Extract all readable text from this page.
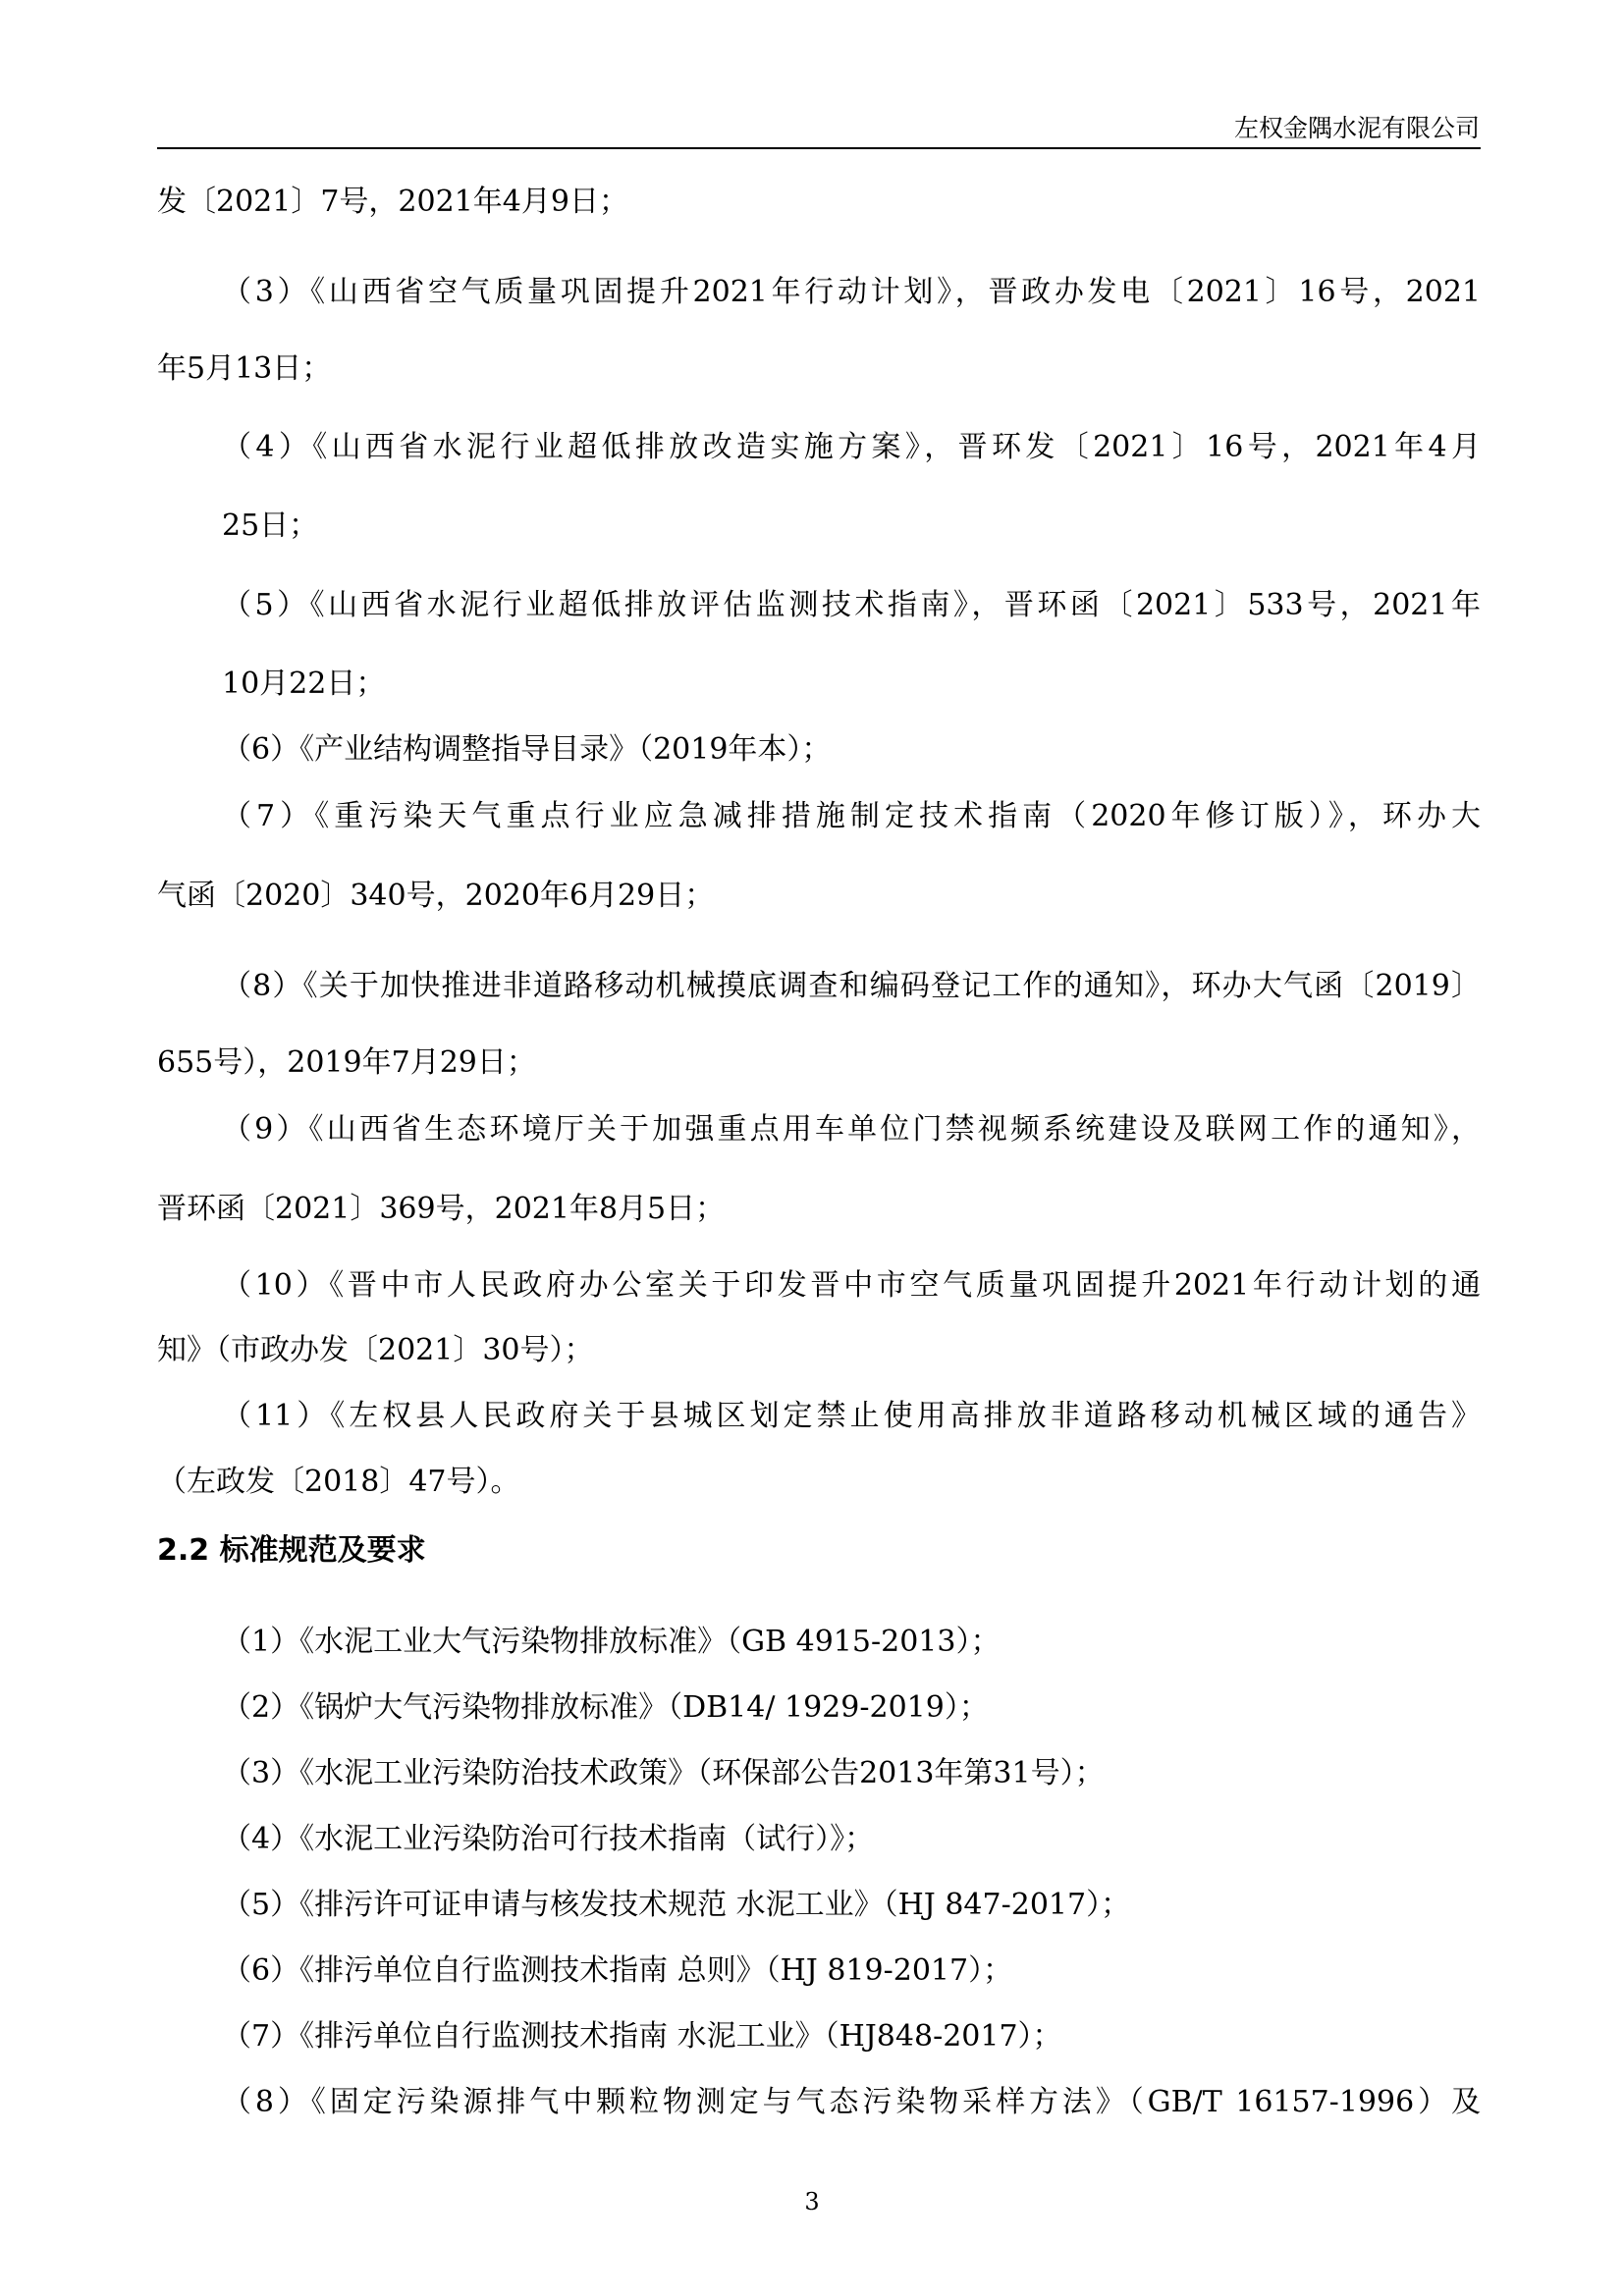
左权金隅水泥有限公司
发〔2021〕7号，2021年4月9日；
（3）《山西省空气质量巩固提升2021年行动计划》，晋政办发电〔2021〕16号，2021
年5月13日；
（4）《山西省水泥行业超低排放改造实施方案》，晋环发〔2021〕16号，2021年4月
25日；
（5）《山西省水泥行业超低排放评估监测技术指南》，晋环函〔2021〕533号，2021年
10月22日；
（6）《产业结构调整指导目录》（2019年本）；
（7）《重污染天气重点行业应急减排措施制定技术指南（2020年修订版）》，环办大
气函〔2020〕340号，2020年6月29日；
（8）《关于加快推进非道路移动机械摸底调查和编码登记工作的通知》，环办大气函〔2019〕
655号），2019年7月29日；
（9）《山西省生态环境厅关于加强重点用车单位门禁视频系统建设及联网工作的通知》，
晋环函〔2021〕369号，2021年8月5日；
（10）《晋中市人民政府办公室关于印发晋中市空气质量巩固提升2021年行动计划的通
知》（市政办发〔2021〕30号）；
（11）《左权县人民政府关于县城区划定禁止使用高排放非道路移动机械区域的通告》
（左政发〔2018〕47号）。
2.2 标准规范及要求
（1）《水泥工业大气污染物排放标准》（GB 4915-2013）；
（2）《锅炉大气污染物排放标准》（DB14/ 1929-2019）；
（3）《水泥工业污染防治技术政策》（环保部公告2013年第31号）；
（4）《水泥工业污染防治可行技术指南（试行）》；
（5）《排污许可证申请与核发技术规范 水泥工业》（HJ 847-2017）；
（6）《排污单位自行监测技术指南 总则》（HJ 819-2017）；
（7）《排污单位自行监测技术指南 水泥工业》（HJ848-2017）；
（8）《固定污染源排气中颗粒物测定与气态污染物采样方法》（GB/T 16157-1996）及
3
